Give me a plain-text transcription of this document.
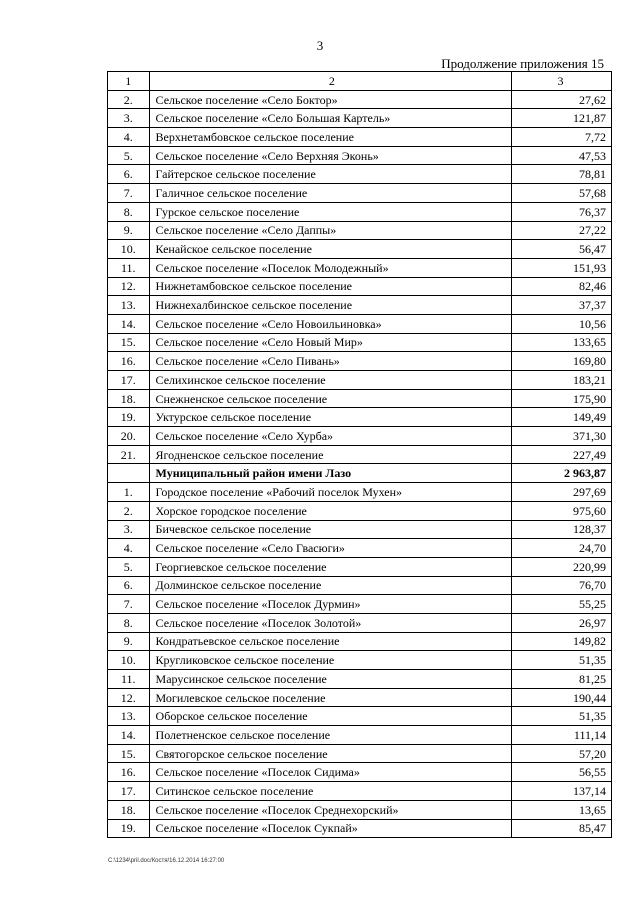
3
Продолжение приложения 15
1	2	3
2.	Сельское поселение «Село Боктор»	27,62
3.	Сельское поселение «Село Большая Картель»	121,87
4.	Верхнетамбовское сельское поселение	7,72
5.	Сельское поселение «Село Верхняя Эконь»	47,53
6.	Гайтерское сельское поселение	78,81
7.	Галичное сельское поселение	57,68
8.	Гурское сельское поселение	76,37
9.	Сельское поселение «Село Даппы»	27,22
10.	Кенайское сельское поселение	56,47
11.	Сельское поселение «Поселок Молодежный»	151,93
12.	Нижнетамбовское сельское поселение	82,46
13.	Нижнехалбинское сельское поселение	37,37
14.	Сельское поселение «Село Новоильиновка»	10,56
15.	Сельское поселение «Село Новый Мир»	133,65
16.	Сельское поселение «Село Пивань»	169,80
17.	Селихинское сельское поселение	183,21
18.	Снежненское сельское поселение	175,90
19.	Уктурское сельское поселение	149,49
20.	Сельское поселение «Село Хурба»	371,30
21.	Ягодненское сельское поселение	227,49
	Муниципальный район имени Лазо	2 963,87
1.	Городское поселение «Рабочий поселок Мухен»	297,69
2.	Хорское городское поселение	975,60
3.	Бичевское сельское поселение	128,37
4.	Сельское поселение «Село Гвасюги»	24,70
5.	Георгиевское сельское поселение	220,99
6.	Долминское сельское поселение	76,70
7.	Сельское поселение «Поселок Дурмин»	55,25
8.	Сельское поселение «Поселок Золотой»	26,97
9.	Кондратьевское сельское поселение	149,82
10.	Кругликовское сельское поселение	51,35
11.	Марусинское сельское поселение	81,25
12.	Могилевское сельское поселение	190,44
13.	Оборское сельское поселение	51,35
14.	Полетненское сельское поселение	111,14
15.	Святогорское сельское поселение	57,20
16.	Сельское поселение «Поселок Сидима»	56,55
17.	Ситинское сельское поселение	137,14
18.	Сельское поселение «Поселок Среднехорский»	13,65
19.	Сельское поселение «Поселок Сукпай»	85,47
C:\1234\pril.doc/Костя/16.12.2014 16:27:00
